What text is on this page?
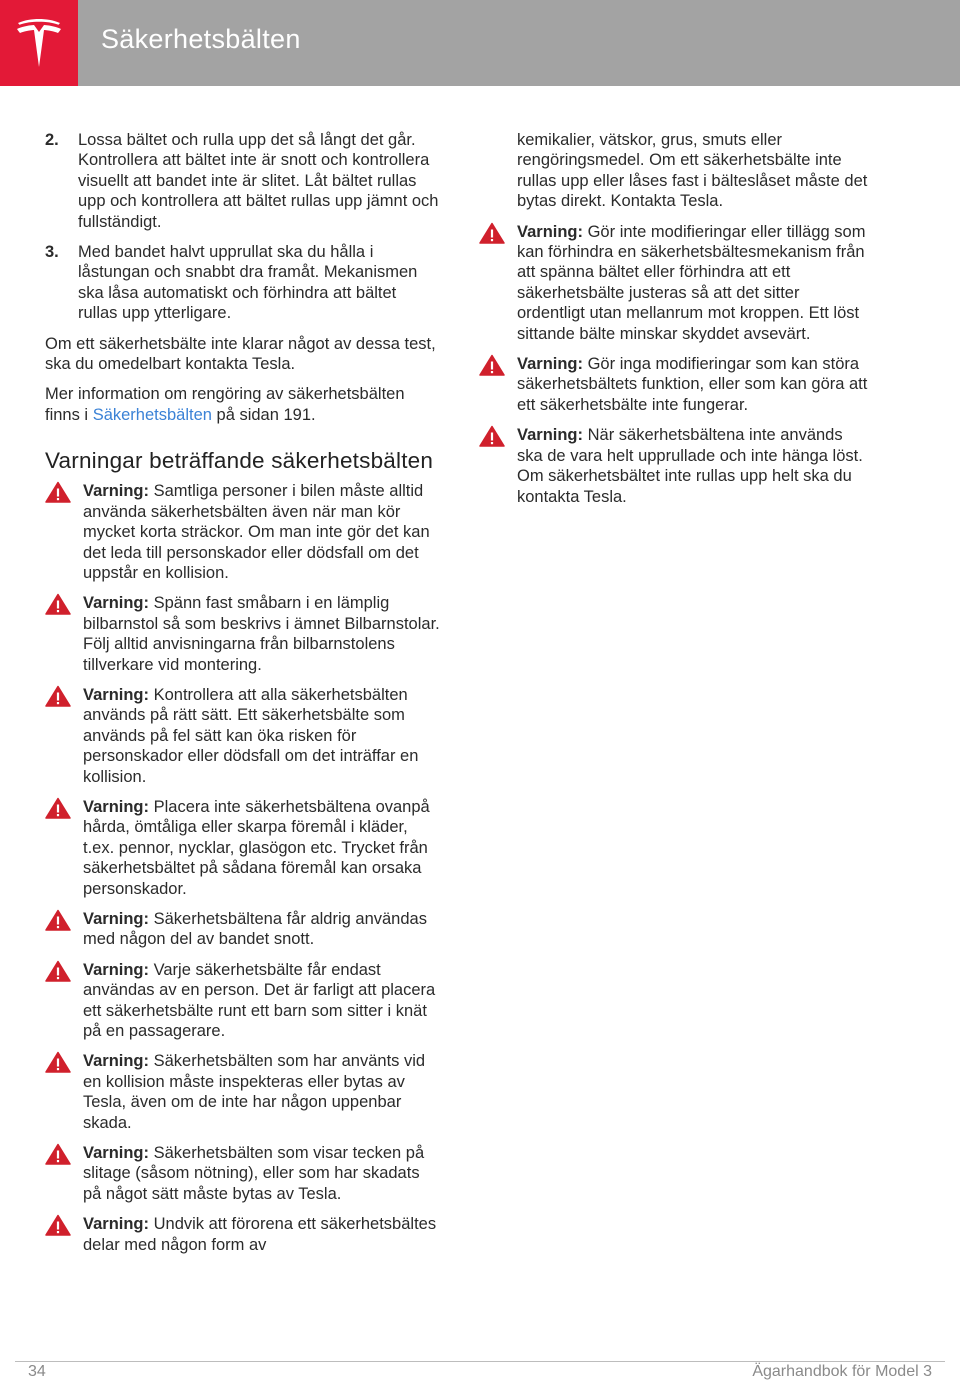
Säkerhetsbälten
2. Lossa bältet och rulla upp det så långt det går. Kontrollera att bältet inte är snott och kontrollera visuellt att bandet inte är slitet. Låt bältet rullas upp och kontrollera att bältet rullas upp jämnt och fullständigt.
3. Med bandet halvt upprullat ska du hålla i låstungan och snabbt dra framåt. Mekanismen ska låsa automatiskt och förhindra att bältet rullas upp ytterligare.

Om ett säkerhetsbälte inte klarar något av dessa test, ska du omedelbart kontakta Tesla.

Mer information om rengöring av säkerhetsbälten finns i Säkerhetsbälten på sidan 191.

Varningar beträffande säkerhetsbälten
Varning: Samtliga personer i bilen måste alltid använda säkerhetsbälten även när man kör mycket korta sträckor. Om man inte gör det kan det leda till personskador eller dödsfall om det uppstår en kollision.
Varning: Spänn fast småbarn i en lämplig bilbarnstol så som beskrivs i ämnet Bilbarnstolar. Följ alltid anvisningarna från bilbarnstolens tillverkare vid montering.
Varning: Kontrollera att alla säkerhetsbälten används på rätt sätt. Ett säkerhetsbälte som används på fel sätt kan öka risken för personskador eller dödsfall om det inträffar en kollision.
Varning: Placera inte säkerhetsbältena ovanpå hårda, ömtåliga eller skarpa föremål i kläder, t.ex. pennor, nycklar, glasögon etc. Trycket från säkerhetsbältet på sådana föremål kan orsaka personskador.
Varning: Säkerhetsbältena får aldrig användas med någon del av bandet snott.
Varning: Varje säkerhetsbälte får endast användas av en person. Det är farligt att placera ett säkerhetsbälte runt ett barn som sitter i knät på en passagerare.
Varning: Säkerhetsbälten som har använts vid en kollision måste inspekteras eller bytas av Tesla, även om de inte har någon uppenbar skada.
Varning: Säkerhetsbälten som visar tecken på slitage (såsom nötning), eller som har skadats på något sätt måste bytas av Tesla.
Varning: Undvik att förorena ett säkerhetsbältes delar med någon form av
kemikalier, vätskor, grus, smuts eller rengöringsmedel. Om ett säkerhetsbälte inte rullas upp eller låses fast i bälteslåset måste det bytas direkt. Kontakta Tesla.
Varning: Gör inte modifieringar eller tillägg som kan förhindra en säkerhetsbältesmekanism från att spänna bältet eller förhindra att ett säkerhetsbälte justeras så att det sitter ordentligt utan mellanrum mot kroppen. Ett löst sittande bälte minskar skyddet avsevärt.
Varning: Gör inga modifieringar som kan störa säkerhetsbältets funktion, eller som kan göra att ett säkerhetsbälte inte fungerar.
Varning: När säkerhetsbältena inte används ska de vara helt upprullade och inte hänga löst. Om säkerhetsbältet inte rullas upp helt ska du kontakta Tesla.
34	Ägarhandbok för Model 3
